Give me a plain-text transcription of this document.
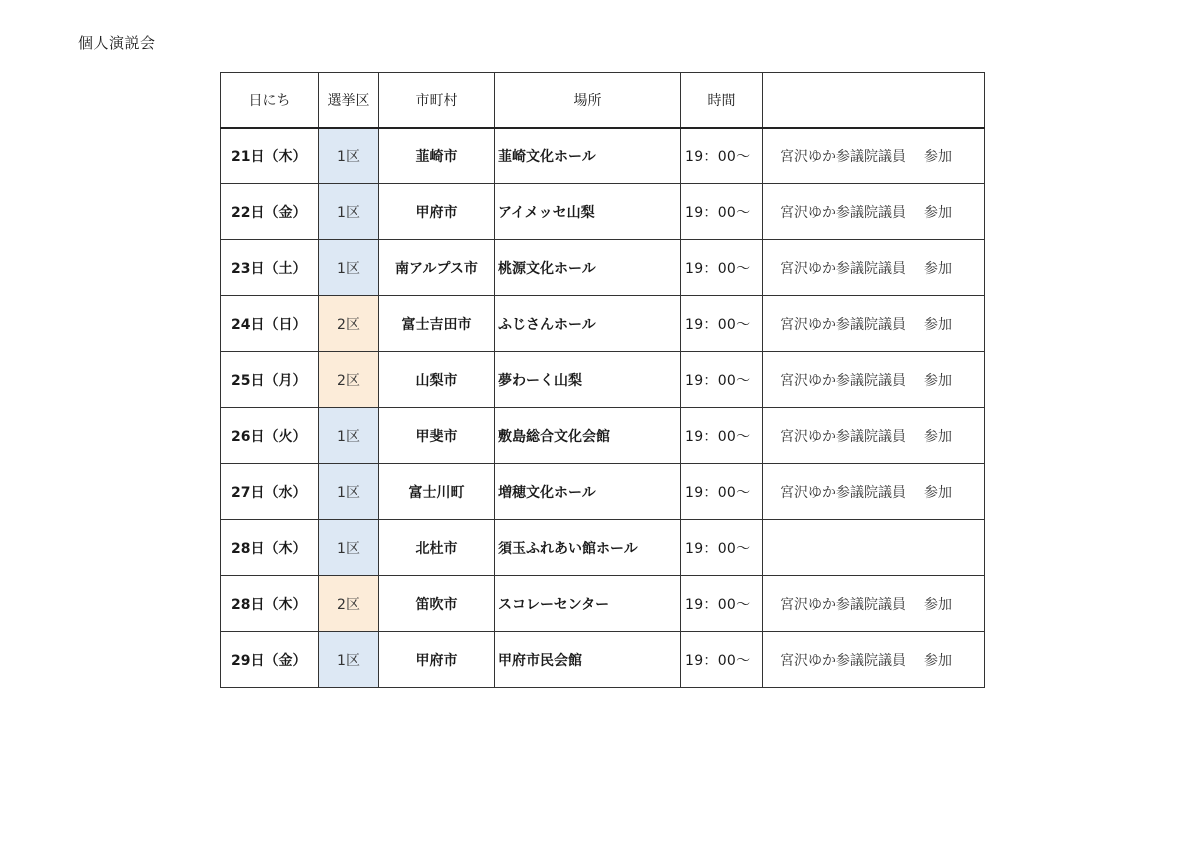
個人演説会
日にち	選挙区	市町村	場所	時間	
21日（木）	1区	韮崎市	韮崎文化ホール	19：00〜	宮沢ゆか参議院議員 参加
22日（金）	1区	甲府市	アイメッセ山梨	19：00〜	宮沢ゆか参議院議員 参加
23日（土）	1区	南アルプス市	桃源文化ホール	19：00〜	宮沢ゆか参議院議員 参加
24日（日）	2区	富士吉田市	ふじさんホール	19：00〜	宮沢ゆか参議院議員 参加
25日（月）	2区	山梨市	夢わーく山梨	19：00〜	宮沢ゆか参議院議員 参加
26日（火）	1区	甲斐市	敷島総合文化会館	19：00〜	宮沢ゆか参議院議員 参加
27日（水）	1区	富士川町	増穂文化ホール	19：00〜	宮沢ゆか参議院議員 参加
28日（木）	1区	北杜市	須玉ふれあい館ホール	19：00〜	
28日（木）	2区	笛吹市	スコレーセンター	19：00〜	宮沢ゆか参議院議員 参加
29日（金）	1区	甲府市	甲府市民会館	19：00〜	宮沢ゆか参議院議員 参加
